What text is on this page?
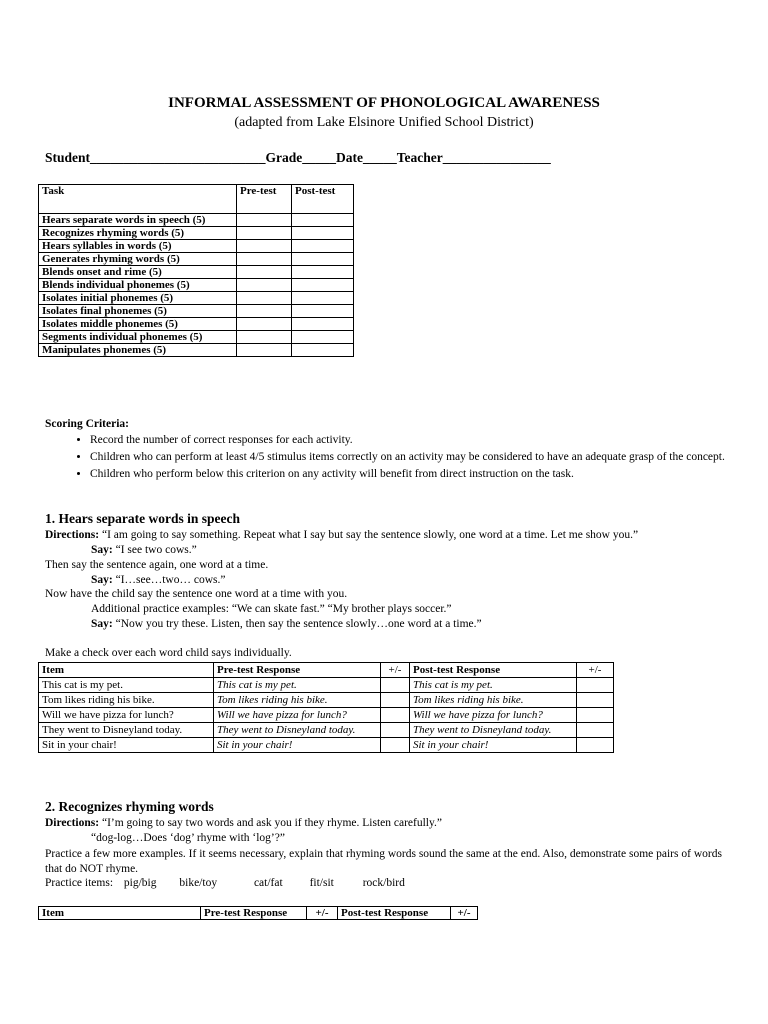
INFORMAL ASSESSMENT OF PHONOLOGICAL AWARENESS
(adapted from Lake Elsinore Unified School District)
Student__________________________Grade_____Date_____Teacher________________
Task	Pre-test	Post-test
Hears separate words in speech (5)		
Recognizes rhyming words (5)		
Hears syllables in words (5)		
Generates rhyming words (5)		
Blends onset and rime (5)		
Blends individual phonemes (5)		
Isolates initial phonemes (5)		
Isolates final phonemes (5)		
Isolates middle phonemes (5)		
Segments individual phonemes (5)		
Manipulates phonemes (5)		
Scoring Criteria:
• Record the number of correct responses for each activity.
• Children who can perform at least 4/5 stimulus items correctly on an activity may be considered to have an adequate grasp of the concept.
• Children who perform below this criterion on any activity will benefit from direct instruction on the task.
1. Hears separate words in speech
Directions: “I am going to say something. Repeat what I say but say the sentence slowly, one word at a time. Let me show you.”
Say: “I see two cows.”
Then say the sentence again, one word at a time.
Say: “I…see…two… cows.”
Now have the child say the sentence one word at a time with you.
Additional practice examples: “We can skate fast.” “My brother plays soccer.”
Say: “Now you try these. Listen, then say the sentence slowly…one word at a time.”
Make a check over each word child says individually.
Item	Pre-test Response	+/-	Post-test Response	+/-
This cat is my pet.	This cat is my pet.		This cat is my pet.	
Tom likes riding his bike.	Tom likes riding his bike.		Tom likes riding his bike.	
Will we have pizza for lunch?	Will we have pizza for lunch?		Will we have pizza for lunch?	
They went to Disneyland today.	They went to Disneyland today.		They went to Disneyland today.	
Sit in your chair!	Sit in your chair!		Sit in your chair!	
2. Recognizes rhyming words
Directions: “I’m going to say two words and ask you if they rhyme. Listen carefully.”
“dog-log…Does ‘dog’ rhyme with ‘log’?”
Practice a few more examples. If it seems necessary, explain that rhyming words sound the same at the end. Also, demonstrate some pairs of words that do NOT rhyme.
Practice items: pig/big bike/toy	cat/fat fit/sit	rock/bird
Item	Pre-test Response	+/-	Post-test Response	+/-
